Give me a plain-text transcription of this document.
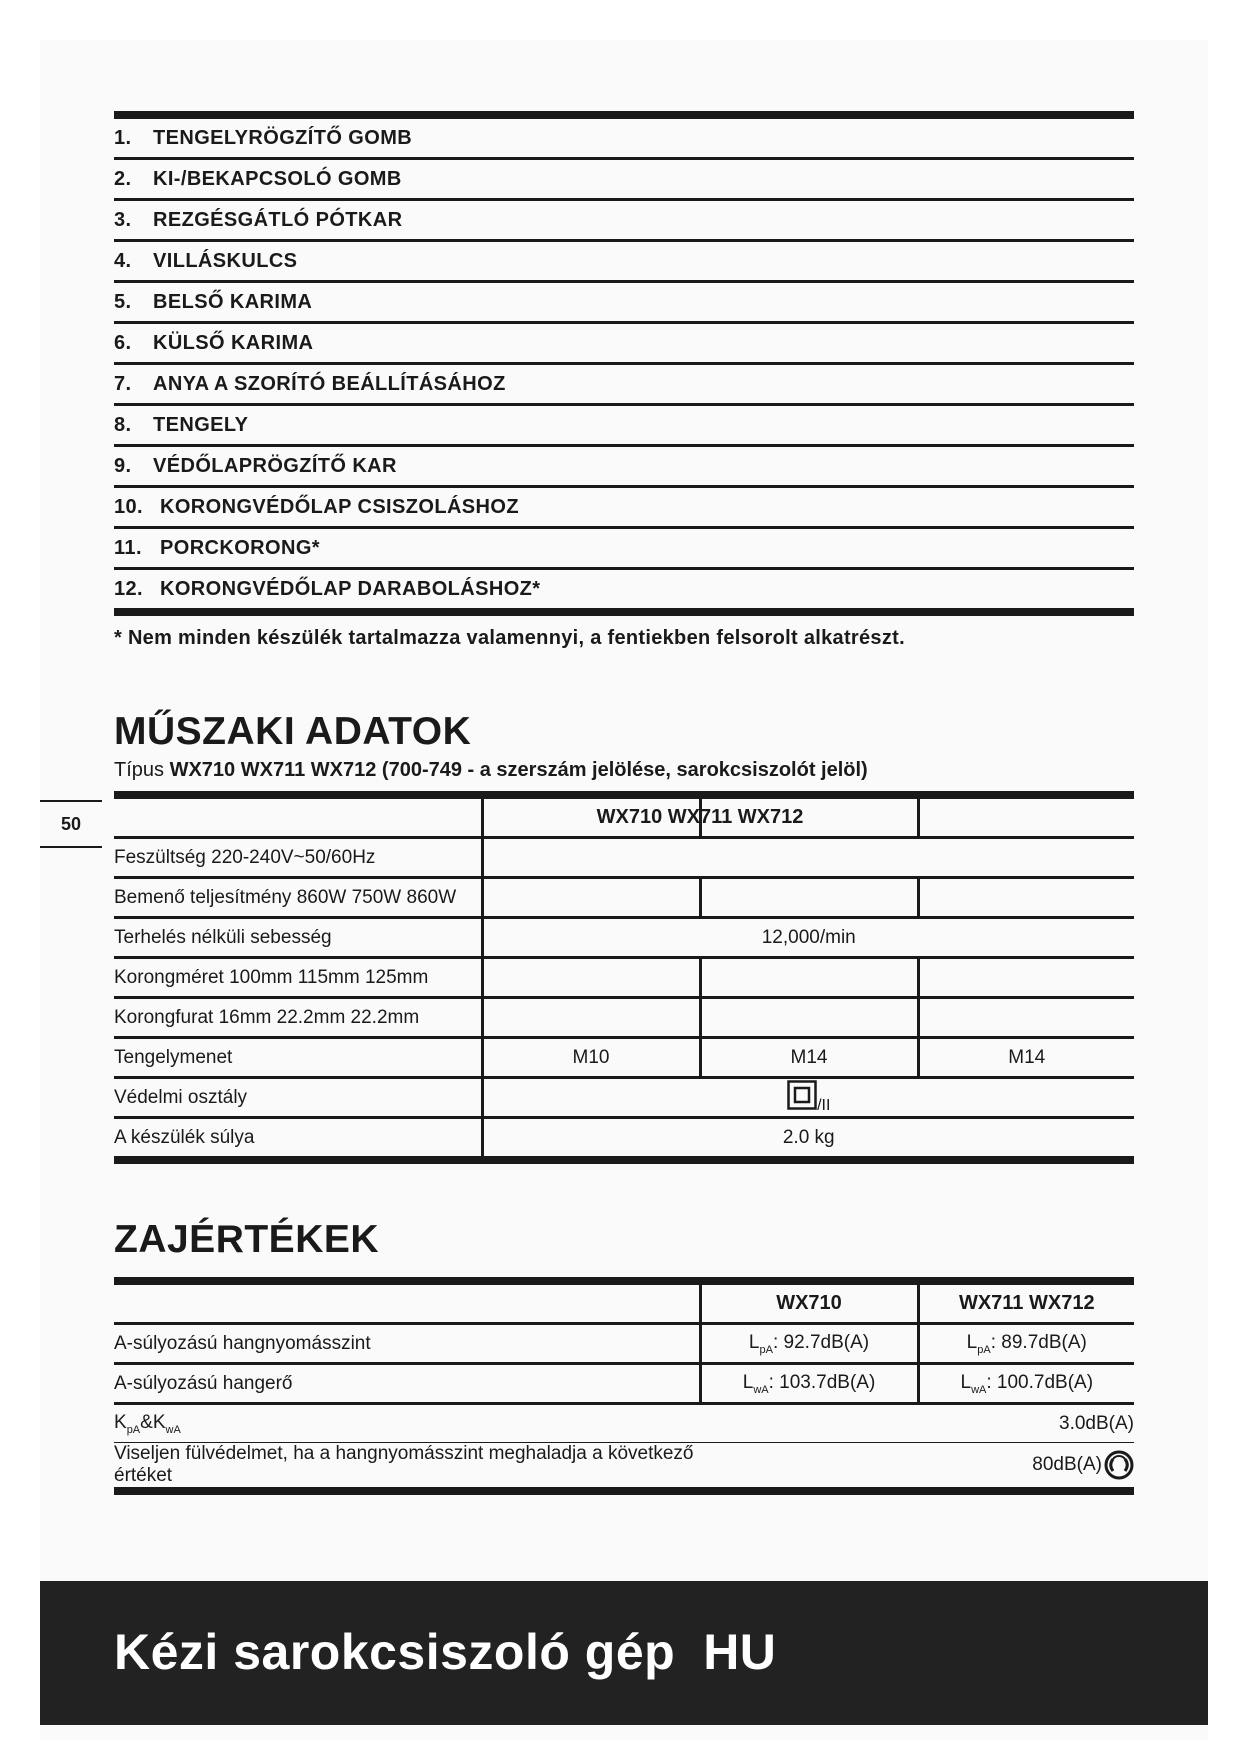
1.	TENGELYRÖGZÍTŐ GOMB
2.	KI-/BEKAPCSOLÓ GOMB
3.	REZGÉSGÁTLÓ PÓTKAR
4.	VILLÁSKULCS
5.	BELSŐ KARIMA
6.	KÜLSŐ KARIMA
7.	ANYA A SZORÍTÓ BEÁLLÍTÁSÁHOZ
8.	TENGELY
9.	VÉDŐLAPRÖGZÍTŐ KAR
10. KORONGVÉDŐLAP CSISZOLÁSHOZ
11. PORCKORONG*
12. KORONGVÉDŐLAP DARABOLÁSHOZ*
* Nem minden készülék tartalmazza valamennyi, a fentiekben felsorolt alkatrészt.
MŰSZAKI ADATOK
Típus WX710 WX711 WX712 (700-749 - a szerszám jelölése, sarokcsiszolót jelöl)
50
		WX710 WX711 WX712	

Feszültség 220-240V~50/60Hz			
Bemenő teljesítmény 860W 750W 860W			
Terhelés nélküli sebesség	12,000/min		
Korongméret 100mm 115mm 125mm			
Korongfurat 16mm 22.2mm 22.2mm			
Tengelymenet	M10	M14	M14
Védelmi osztály	$_{/II}$
A készülék súlya	2.0 kg		
ZAJÉRTÉKEK
	WX710	WX711 WX712
A-súlyozású hangnyomásszint	$L_{pA}$: 92.7dB(A)	$L_{pA}$: 89.7dB(A)
A-súlyozású hangerő	$L_{wA}$: 103.7dB(A)	$L_{wA}$: 100.7dB(A)
$K_{pA}\&K_{wA}$	3.0dB(A)	
Viseljen fülvédelmet, ha a hangnyomásszint meghaladja a következő értéket	80dB(A)	
Kézi sarokcsiszoló gép HU
